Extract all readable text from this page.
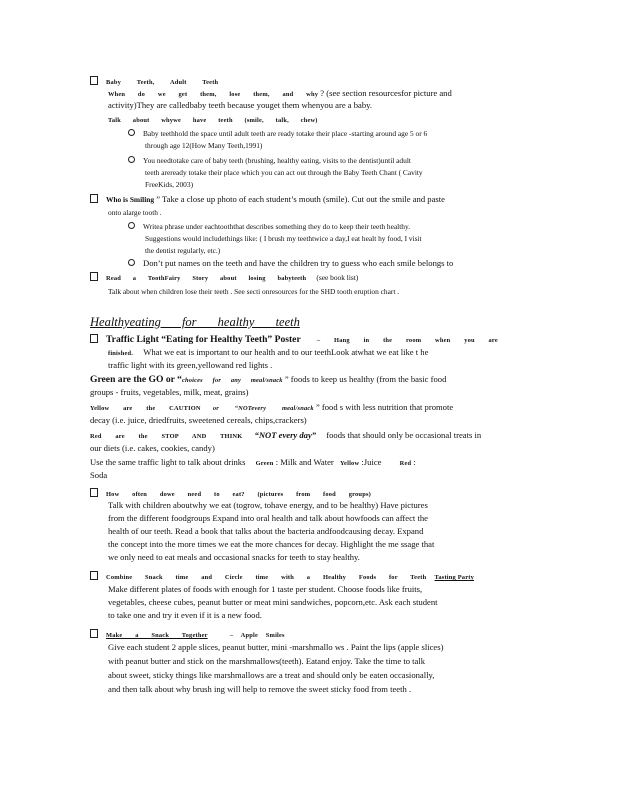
Baby Teeth, Adult Teeth
When do we get them, lose them, and why ? (see section resourcesfor picture and
activity)They are calledbaby teeth because youget them whenyou are a baby.
Talk about whywe have teeth (smile, talk, chew)
Baby teethhold the space until adult teeth are ready totake their place -starting around age 5 or 6
through age 12(How Many Teeth,1991)
You needtotake care of baby teeth (brushing, healthy eating, visits to the dentist)until adult
teeth areready totake their place which you can act out through the Baby Teeth Chant ( Cavity
FreeKids, 2003)
Who is Smiling ” Take a close up photo of each student’s mouth (smile). Cut out the smile and paste
onto alarge tooth .
Writea phrase under eachtooththat describes something they do to keep their teeth healthy.
Suggestions would includethings like: ( I brush my teethtwice a day,I eat healt hy food, I visit
the dentist regularly, etc.)
Don’t put names on the teeth and have the children try to guess who each smile belongs to
Read a ToothFairy Story about losing babyteeth (see book list)
Talk about when children lose their teeth . See secti onresources for the SHD tooth eruption chart .
Healthyeating for healthy teeth
Traffic Light “Eating for Healthy Teeth” Poster	– Hang in the room when you are
finished. What we eat is important to our health and to our teethLook atwhat we eat like t he
traffic light with its green,yellowand red lights .
Green are the GO or “choices for any meal/snack ” foods to keep us healthy (from the basic food
groups - fruits, vegetables, milk, meat, grains)
Yellow are the CAUTION or “NOTevery meal/snack ” food s with less nutrition that promote
decay (i.e. juice, driedfruits, sweetened cereals, chips,crackers)
Red are the STOP AND THINK “NOT every day” foods that should only be occasional treats in
our diets (i.e. cakes, cookies, candy)
Use the same traffic light to talk about drinks Green : Milk and Water Yellow :Juice	Red :
Soda
How often dowe need to eat? (pictures from food groups)
Talk with children aboutwhy we eat (togrow, tohave energy, and to be healthy) Have pictures
from the different foodgroups Expand into oral health and talk about howfoods can affect the
health of our teeth. Read a book that talks about the bacteria andfoodcausing decay. Expand
the concept into the more times we eat the more chances for decay. Highlight the me ssage that
we only need to eat meals and occasional snacks for teeth to stay healthy.
Combine Snack time and Circle time with a Healthy Foods for Teeth Tasting Party
Make different plates of foods with enough for 1 taste per student. Choose foods like fruits,
vegetables, cheese cubes, peanut butter or meat mini sandwiches, popcorn,etc. Ask each student
to take one and try it even if it is a new food.
Make a Snack Together	– Apple Smiles
Give each student 2 apple slices, peanut butter, mini -marshmallo ws . Paint the lips (apple slices)
with peanut butter and stick on the marshmallows(teeth). Eatand enjoy. Take the time to talk
about sweet, sticky things like marshmallows are a treat and should only be eaten occasionally,
and then talk about why brush ing will help to remove the sweet sticky food from teeth .
